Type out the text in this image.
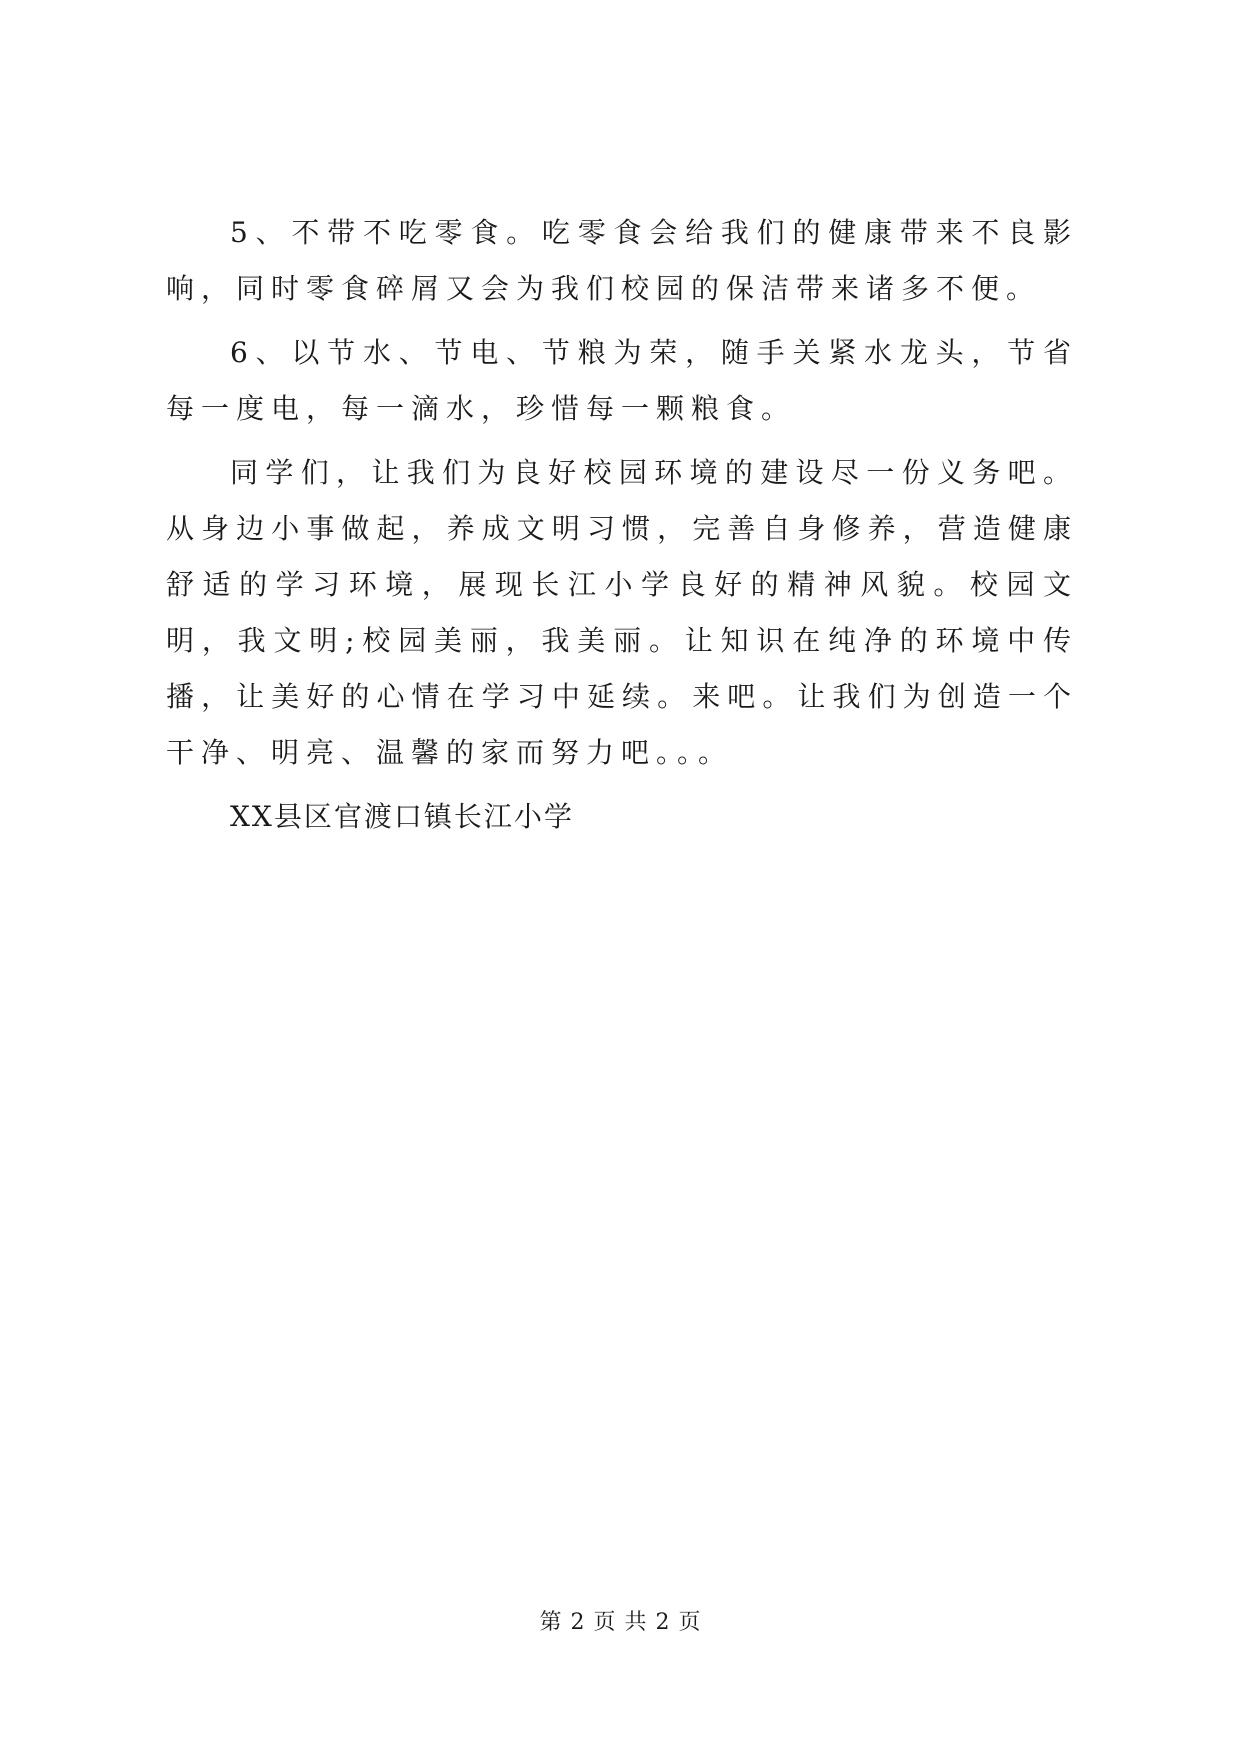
5、不带不吃零食。吃零食会给我们的健康带来不良影响，同时零食碎屑又会为我们校园的保洁带来诸多不便。

6、以节水、节电、节粮为荣，随手关紧水龙头，节省每一度电，每一滴水，珍惜每一颗粮食。

同学们，让我们为良好校园环境的建设尽一份义务吧。从身边小事做起，养成文明习惯，完善自身修养，营造健康舒适的学习环境，展现长江小学良好的精神风貌。校园文明，我文明;校园美丽，我美丽。让知识在纯净的环境中传播，让美好的心情在学习中延续。来吧。让我们为创造一个干净、明亮、温馨的家而努力吧。。。

XX县区官渡口镇长江小学

第 2 页 共 2 页
